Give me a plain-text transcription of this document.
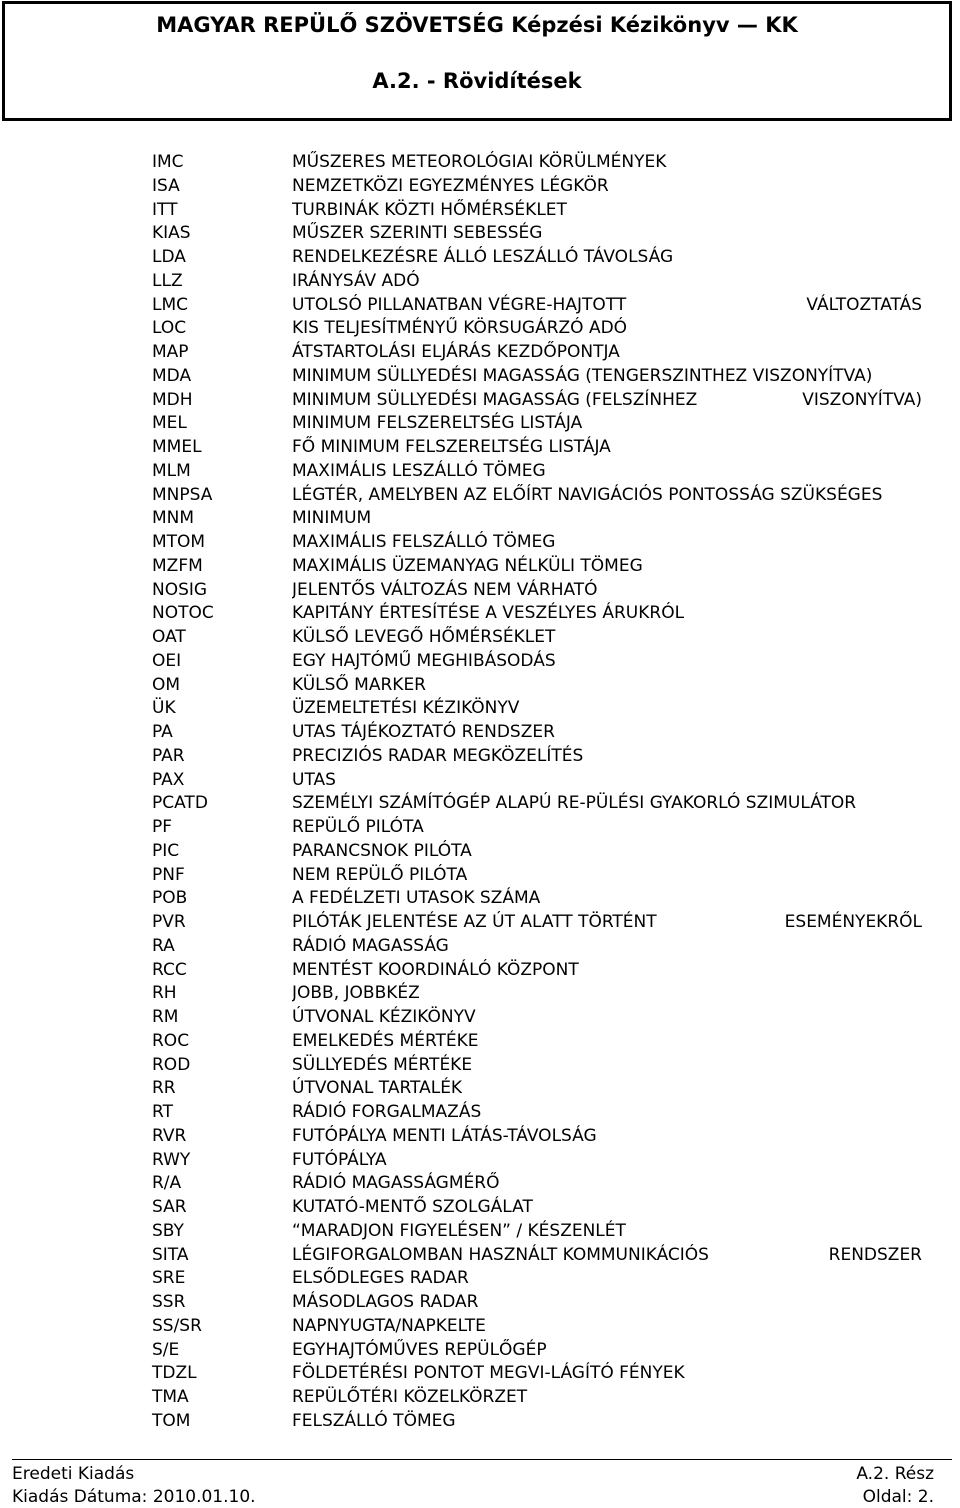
MAGYAR REPÜLŐ SZÖVETSÉG Képzési Kézikönyv — KK
A.2. - Rövidítések
IMC	MŰSZERES METEOROLÓGIAI KÖRÜLMÉNYEK
ISA	NEMZETKÖZI EGYEZMÉNYES LÉGKÖR
ITT	TURBINÁK KÖZTI HŐMÉRSÉKLET
KIAS	MŰSZER SZERINTI SEBESSÉG
LDA	RENDELKEZÉSRE ÁLLÓ LESZÁLLÓ TÁVOLSÁG
LLZ	IRÁNYSÁV ADÓ
LMC	UTOLSÓ PILLANATBAN VÉGRE-HAJTOTT	VÁLTOZTATÁS
LOC	KIS TELJESÍTMÉNYŰ KÖRSUGÁRZÓ ADÓ
MAP	ÁTSTARTOLÁSI ELJÁRÁS KEZDŐPONTJA
MDA	MINIMUM SÜLLYEDÉSI MAGASSÁG (TENGERSZINTHEZ VISZONYÍTVA)
MDH	MINIMUM SÜLLYEDÉSI MAGASSÁG (FELSZÍNHEZ	VISZONYÍTVA)
MEL	MINIMUM FELSZERELTSÉG LISTÁJA
MMEL	FŐ MINIMUM FELSZERELTSÉG LISTÁJA
MLM	MAXIMÁLIS LESZÁLLÓ TÖMEG
MNPSA	LÉGTÉR, AMELYBEN AZ ELŐÍRT NAVIGÁCIÓS PONTOSSÁG SZÜKSÉGES
MNM	MINIMUM
MTOM	MAXIMÁLIS FELSZÁLLÓ TÖMEG
MZFM	MAXIMÁLIS ÜZEMANYAG NÉLKÜLI TÖMEG
NOSIG	JELENTŐS VÁLTOZÁS NEM VÁRHATÓ
NOTOC	KAPITÁNY ÉRTESÍTÉSE A VESZÉLYES ÁRUKRÓL
OAT	KÜLSŐ LEVEGŐ HŐMÉRSÉKLET
OEI	EGY HAJTÓMŰ MEGHIBÁSODÁS
OM	KÜLSŐ MARKER
ÜK	ÜZEMELTETÉSI KÉZIKÖNYV
PA	UTAS TÁJÉKOZTATÓ RENDSZER
PAR	PRECIZIÓS RADAR MEGKÖZELÍTÉS
PAX	UTAS
PCATD	SZEMÉLYI SZÁMÍTÓGÉP ALAPÚ RE-PÜLÉSI GYAKORLÓ SZIMULÁTOR
PF	REPÜLŐ PILÓTA
PIC	PARANCSNOK PILÓTA
PNF	NEM REPÜLŐ PILÓTA
POB	A FEDÉLZETI UTASOK SZÁMA
PVR	PILÓTÁK JELENTÉSE AZ ÚT ALATT TÖRTÉNT	ESEMÉNYEKRŐL
RA	RÁDIÓ MAGASSÁG
RCC	MENTÉST KOORDINÁLÓ KÖZPONT
RH	JOBB, JOBBKÉZ
RM	ÚTVONAL KÉZIKÖNYV
ROC	EMELKEDÉS MÉRTÉKE
ROD	SÜLLYEDÉS MÉRTÉKE
RR	ÚTVONAL TARTALÉK
RT	RÁDIÓ FORGALMAZÁS
RVR	FUTÓPÁLYA MENTI LÁTÁS-TÁVOLSÁG
RWY	FUTÓPÁLYA
R/A	RÁDIÓ MAGASSÁGMÉRŐ
SAR	KUTATÓ-MENTŐ SZOLGÁLAT
SBY	“MARADJON FIGYELÉSEN” / KÉSZENLÉT
SITA	LÉGIFORGALOMBAN HASZNÁLT KOMMUNIKÁCIÓS	RENDSZER
SRE	ELSŐDLEGES RADAR
SSR	MÁSODLAGOS RADAR
SS/SR	NAPNYUGTA/NAPKELTE
S/E	EGYHAJTÓMŰVES REPÜLŐGÉP
TDZL	FÖLDETÉRÉSI PONTOT MEGVI-LÁGÍTÓ FÉNYEK
TMA	REPÜLŐTÉRI KÖZELKÖRZET
TOM	FELSZÁLLÓ TÖMEG
Eredeti Kiadás	A.2. Rész
Kiadás Dátuma: 2010.01.10.	Oldal: 2.
